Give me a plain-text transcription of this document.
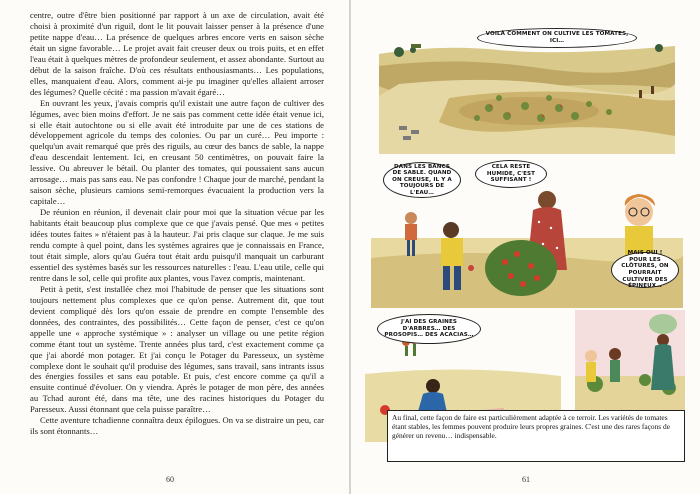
centre, outre d'être bien positionné par rapport à un axe de circulation, avait été choisi à proximité d'un riguil, dont le lit pouvait laisser penser à la présence d'une petite nappe d'eau… La présence de quelques arbres encore verts en saison sèche était un signe favorable… Le projet avait fait creuser deux ou trois puits, et en effet l'eau était à quelques mètres de profondeur seulement, et assez abondante. Surtout au début de la saison fraîche. D'où ces résultats enthousiasmants… Les populations, elles, manquaient d'eau. Alors, comment ai-je pu imaginer qu'elles allaient arroser des légumes? Quelle cécité : ma passion m'avait égaré…

En ouvrant les yeux, j'avais compris qu'il existait une autre façon de cultiver des légumes, avec bien moins d'effort. Je ne sais pas comment cette idée était venue ici, si elle était autochtone ou si elle avait été introduite par une de ces stations de développement agricole du temps des colonies. Ou par un curé… Peu importe : quelqu'un avait remarqué que près des riguils, au cœur des bancs de sable, la nappe d'eau descendait lentement. Ici, en creusant 50 centimètres, on pouvait faire la lessive. Ou abreuver le bétail. Ou planter des tomates, qui poussaient sans aucun arrosage… mais pas sans eau. Ne pas confondre ! Chaque jour de marché, pendant la saison sèche, plusieurs camions semi-remorques évacuaient la production vers la capitale…

De réunion en réunion, il devenait clair pour moi que la situation vécue par les habitants était beaucoup plus complexe que ce que j'avais pensé. Que mes « petites idées toutes faites » n'étaient pas à la hauteur. J'ai pris claque sur claque. Je me suis rendu compte à quel point, dans les systèmes agraires que je connaissais en France, tout était simple, alors qu'au Guéra tout était ardu puisqu'il manquait un carburant essentiel des systèmes basés sur les ressources naturelles : l'eau. L'eau utile, celle qui rentre dans le sol, celle qui profite aux plantes, vous l'avez compris, maintenant.

Petit à petit, s'est installée chez moi l'habitude de penser que les situations sont toujours nettement plus complexes que ce qu'on pense. Autrement dit, que tout devient compliqué dès lors qu'on essaie de prendre en compte l'ensemble des données, des contraintes, des possibilités… Cette façon de penser, c'est ce qu'on appelle une « approche systémique » : analyser un village ou une petite région comme étant tout un système. Trente années plus tard, c'est exactement comme ça que j'ai abordé mon potager. Et j'ai conçu le Potager du Paresseux, un système complexe dont le souhait qu'il produise des légumes, sans travail, sans intrants issus des énergies fossiles et sans eau potable. Et puis, c'est encore comme ça qu'il a ensuite continué d'évoluer. On y viendra. Après le potager de mon père, des années au Tchad auront été, dans ma tête, une des racines historiques du Potager du Paresseux. Aussi étonnant que cela puisse paraître…

Cette aventure tchadienne connaîtra deux épilogues. On va se distraire un peu, car ils sont étonnants…

60
VOILÀ COMMENT ON CULTIVE LES TOMATES, ICI…
DANS LES BANCS DE SABLE. QUAND ON CREUSE, IL Y A TOUJOURS DE L'EAU…
CELA RESTE HUMIDE, C'EST SUFFISANT !
MAIS OUI ! POUR LES CLÔTURES, ON POURRAIT CULTIVER DES ÉPINEUX…
J'AI DES GRAINES D'ARBRES… DES PROSOPIS… DES ACACIAS…
Au final, cette façon de faire est particulièrement adaptée à ce terroir. Les variétés de tomates étant stables, les femmes pouvent produire leurs propres graines. C'est une des rares façons de générer un revenu… indispensable.
61
